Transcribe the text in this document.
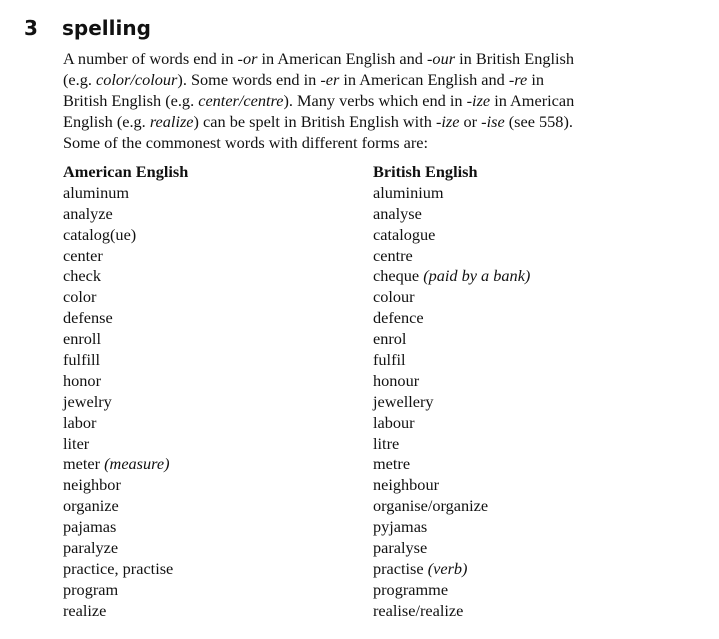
3	spelling
A number of words end in -or in American English and -our in British English
(e.g. color/colour). Some words end in -er in American English and -re in
British English (e.g. center/centre). Many verbs which end in -ize in American
English (e.g. realize) can be spelt in British English with -ize or -ise (see 558).
Some of the commonest words with different forms are:
American English	British English
aluminum	aluminium
analyze	analyse
catalog(ue)	catalogue
center	centre
check	cheque (paid by a bank)
color	colour
defense	defence
enroll	enrol
fulfill	fulfil
honor	honour
jewelry	jewellery
labor	labour
liter	litre
meter (measure)	metre
neighbor	neighbour
organize	organise/organize
pajamas	pyjamas
paralyze	paralyse
practice, practise	practise (verb)
program	programme
realize	realise/realize
